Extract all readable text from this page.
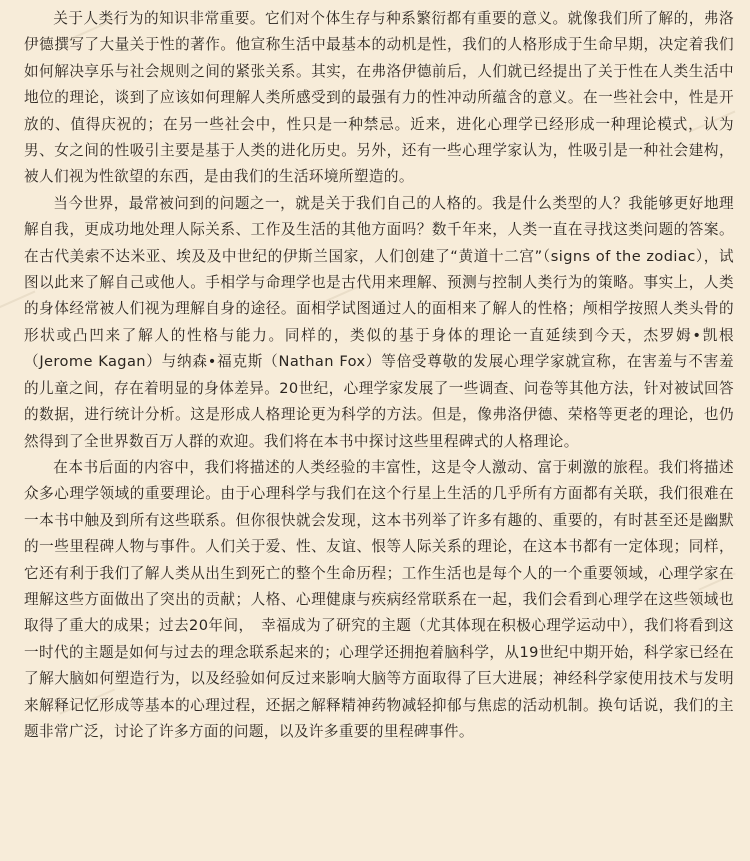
关于人类行为的知识非常重要。它们对个体生存与种系繁衍都有重要的意义。就像我们所了解的，弗洛伊德撰写了大量关于性的著作。他宣称生活中最基本的动机是性，我们的人格形成于生命早期，决定着我们如何解决享乐与社会规则之间的紧张关系。其实，在弗洛伊德前后，人们就已经提出了关于性在人类生活中地位的理论，谈到了应该如何理解人类所感受到的最强有力的性冲动所蕴含的意义。在一些社会中，性是开放的、值得庆祝的；在另一些社会中，性只是一种禁忌。近来，进化心理学已经形成一种理论模式，认为男、女之间的性吸引主要是基于人类的进化历史。另外，还有一些心理学家认为，性吸引是一种社会建构，被人们视为性欲望的东西，是由我们的生活环境所塑造的。

当今世界，最常被问到的问题之一，就是关于我们自己的人格的。我是什么类型的人？我能够更好地理解自我，更成功地处理人际关系、工作及生活的其他方面吗？数千年来，人类一直在寻找这类问题的答案。在古代美索不达米亚、埃及及中世纪的伊斯兰国家，人们创建了“黄道十二宫”（signs of the zodiac），试图以此来了解自己或他人。手相学与命理学也是古代用来理解、预测与控制人类行为的策略。事实上，人类的身体经常被人们视为理解自身的途径。面相学试图通过人的面相来了解人的性格；颅相学按照人类头骨的形状或凸凹来了解人的性格与能力。同样的，类似的基于身体的理论一直延续到今天，杰罗姆•凯根（Jerome Kagan）与纳森•福克斯（Nathan Fox）等倍受尊敬的发展心理学家就宣称，在害羞与不害羞的儿童之间，存在着明显的身体差异。20世纪，心理学家发展了一些调查、问卷等其他方法，针对被试回答的数据，进行统计分析。这是形成人格理论更为科学的方法。但是，像弗洛伊德、荣格等更老的理论，也仍然得到了全世界数百万人群的欢迎。我们将在本书中探讨这些里程碑式的人格理论。

在本书后面的内容中，我们将描述的人类经验的丰富性，这是令人激动、富于刺激的旅程。我们将描述众多心理学领域的重要理论。由于心理科学与我们在这个行星上生活的几乎所有方面都有关联，我们很难在一本书中触及到所有这些联系。但你很快就会发现，这本书列举了许多有趣的、重要的，有时甚至还是幽默的一些里程碑人物与事件。人们关于爱、性、友谊、恨等人际关系的理论，在这本书都有一定体现；同样，它还有利于我们了解人类从出生到死亡的整个生命历程；工作生活也是每个人的一个重要领域，心理学家在理解这些方面做出了突出的贡献；人格、心理健康与疾病经常联系在一起，我们会看到心理学在这些领域也取得了重大的成果；过去20年间，　幸福成为了研究的主题（尤其体现在积极心理学运动中），我们将看到这一时代的主题是如何与过去的理念联系起来的；心理学还拥抱着脑科学，从19世纪中期开始，科学家已经在了解大脑如何塑造行为，以及经验如何反过来影响大脑等方面取得了巨大进展；神经科学家使用技术与发明来解释记忆形成等基本的心理过程，还据之解释精神药物减轻抑郁与焦虑的活动机制。换句话说，我们的主题非常广泛，讨论了许多方面的问题，以及许多重要的里程碑事件。
